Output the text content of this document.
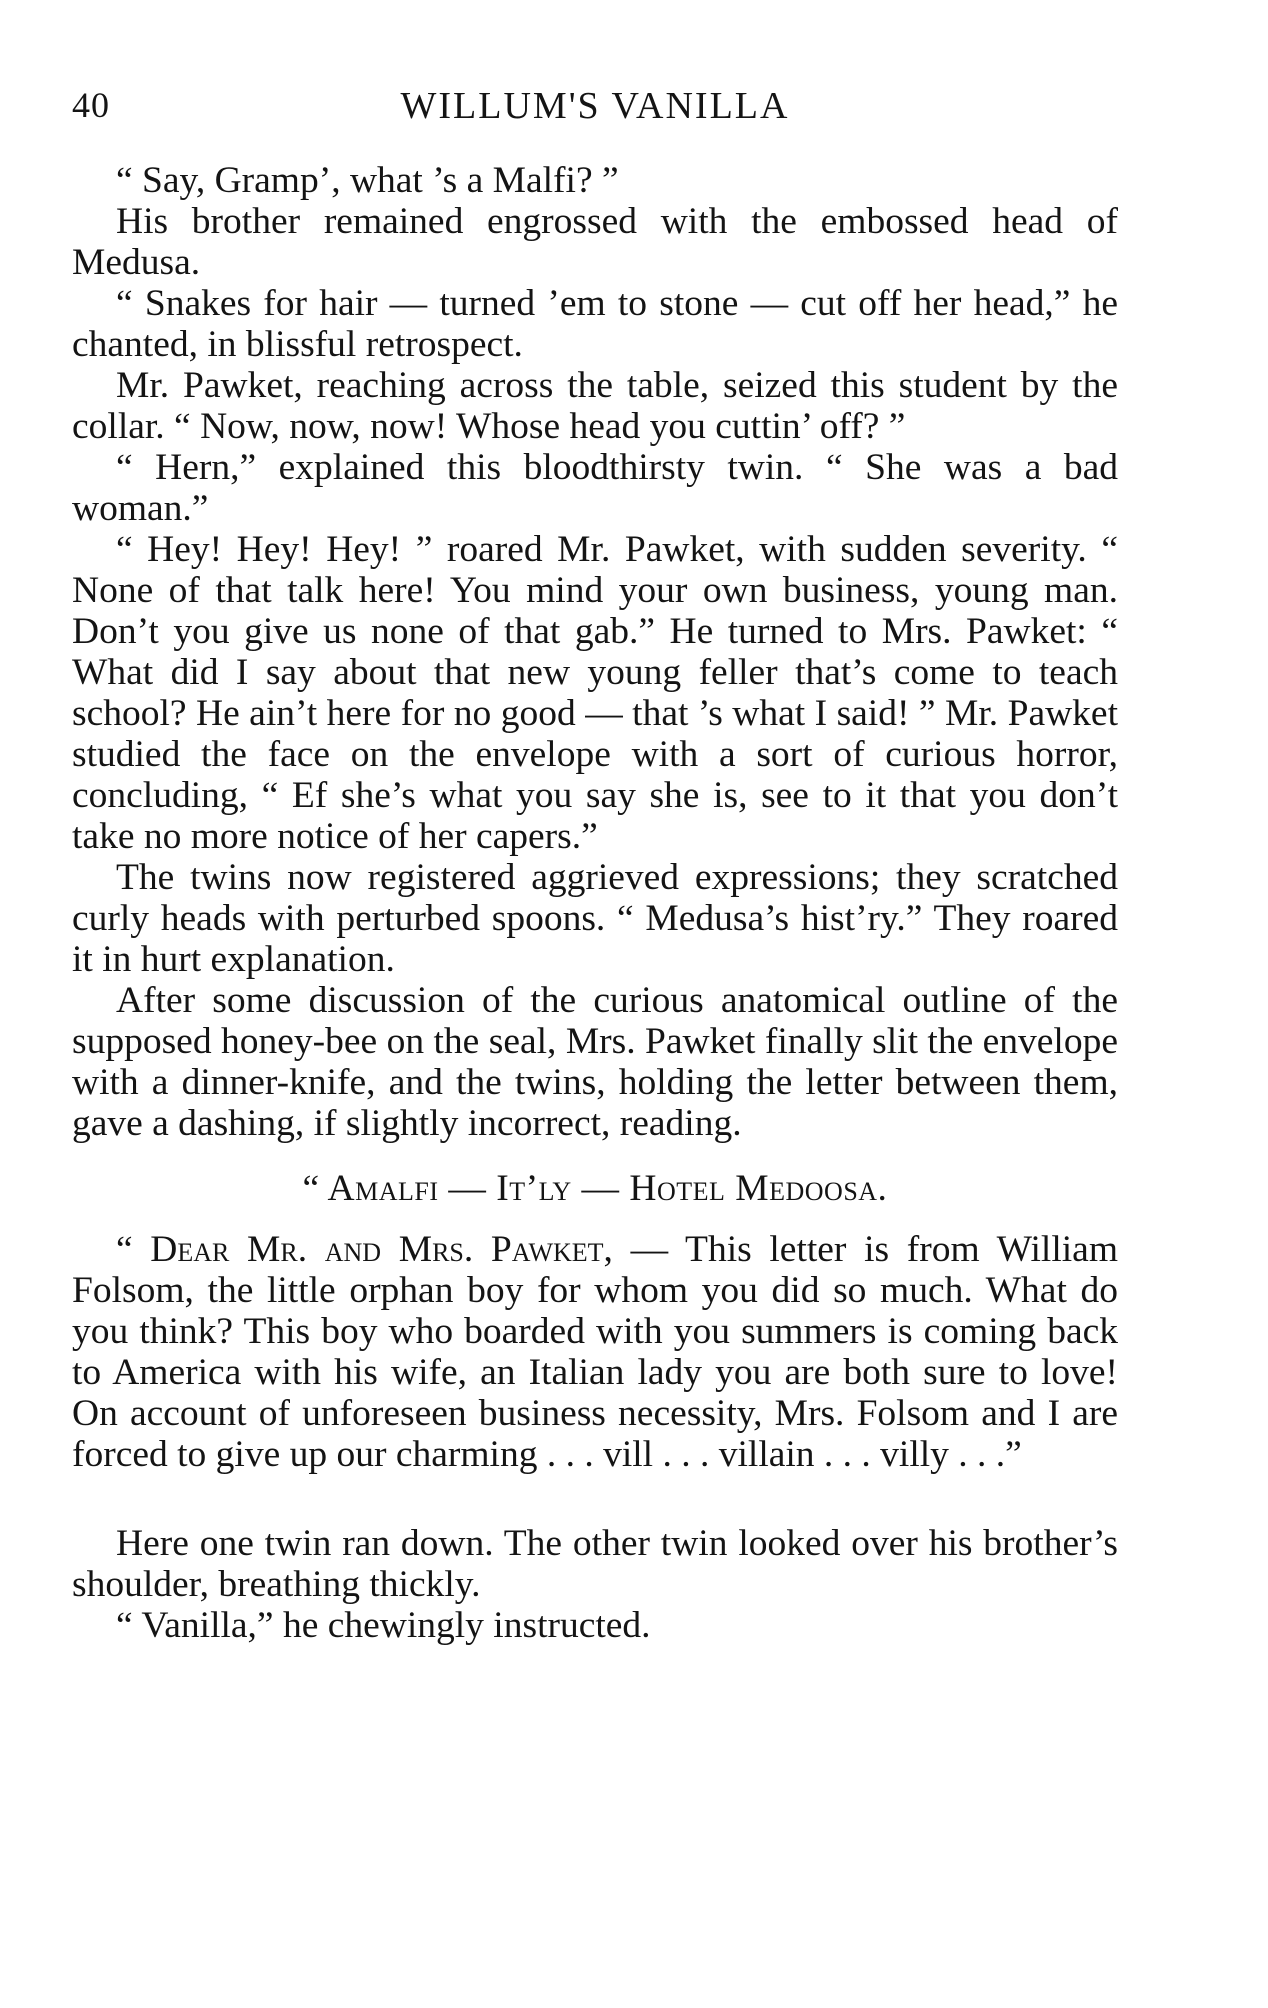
40	WILLUM'S VANILLA

“ Say, Gramp’, what ’s a Malfi? ”

His brother remained engrossed with the embossed head of Medusa.

“ Snakes for hair — turned ’em to stone — cut off her head,” he chanted, in blissful retrospect.

Mr. Pawket, reaching across the table, seized this student by the collar. “ Now, now, now! Whose head you cuttin’ off? ”

“ Hern,” explained this bloodthirsty twin. “ She was a bad woman.”

“ Hey! Hey! Hey! ” roared Mr. Pawket, with sudden severity. “ None of that talk here! You mind your own business, young man. Don’t you give us none of that gab.” He turned to Mrs. Pawket: “ What did I say about that new young feller that’s come to teach school? He ain’t here for no good — that ’s what I said! ” Mr. Pawket studied the face on the envelope with a sort of curious horror, concluding, “ Ef she’s what you say she is, see to it that you don’t take no more notice of her capers.”

The twins now registered aggrieved expressions; they scratched curly heads with perturbed spoons. “ Medusa’s hist’ry.” They roared it in hurt explanation.

After some discussion of the curious anatomical outline of the supposed honey-bee on the seal, Mrs. Pawket finally slit the envelope with a dinner-knife, and the twins, holding the letter between them, gave a dashing, if slightly incorrect, reading.

“ Amalfi — It’ly — Hotel Medoosa.

“ Dear Mr. and Mrs. Pawket, — This letter is from William Folsom, the little orphan boy for whom you did so much. What do you think? This boy who boarded with you summers is coming back to America with his wife, an Italian lady you are both sure to love! On account of unforeseen business necessity, Mrs. Folsom and I are forced to give up our charming . . . vill . . . villain . . . villy . . .”

Here one twin ran down. The other twin looked over his brother’s shoulder, breathing thickly.

“ Vanilla,” he chewingly instructed.
